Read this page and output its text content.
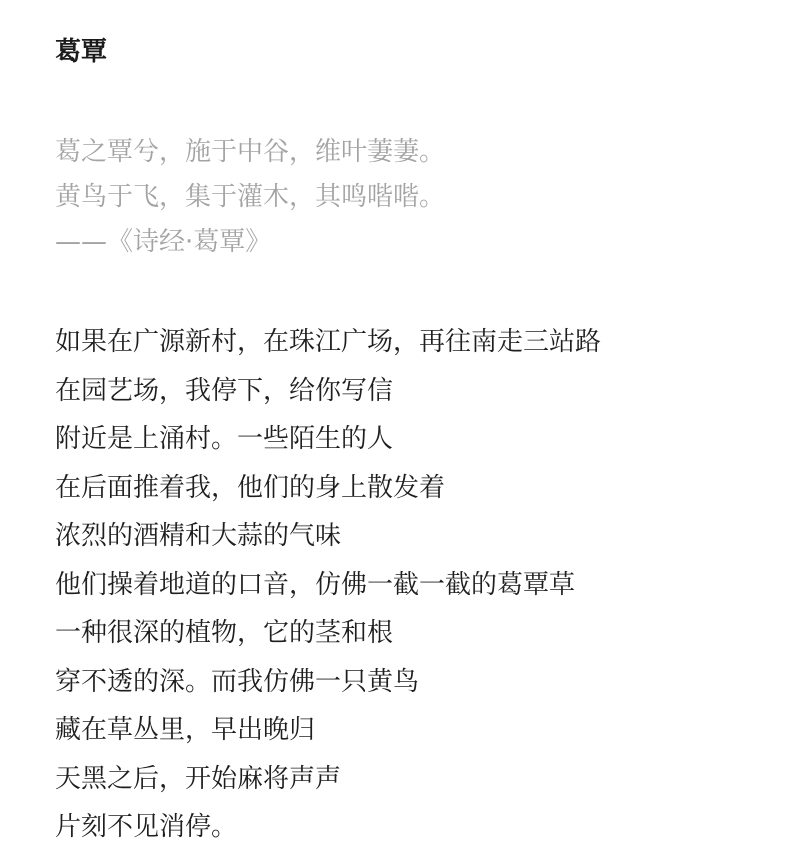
葛覃
葛之覃兮，施于中谷，维叶萋萋。
黄鸟于飞，集于灌木，其鸣喈喈。
——《诗经·葛覃》
如果在广源新村，在珠江广场，再往南走三站路
在园艺场，我停下，给你写信
附近是上涌村。一些陌生的人
在后面推着我，他们的身上散发着
浓烈的酒精和大蒜的气味
他们操着地道的口音，仿佛一截一截的葛覃草
一种很深的植物，它的茎和根
穿不透的深。而我仿佛一只黄鸟
藏在草丛里，早出晚归
天黑之后，开始麻将声声
片刻不见消停。
